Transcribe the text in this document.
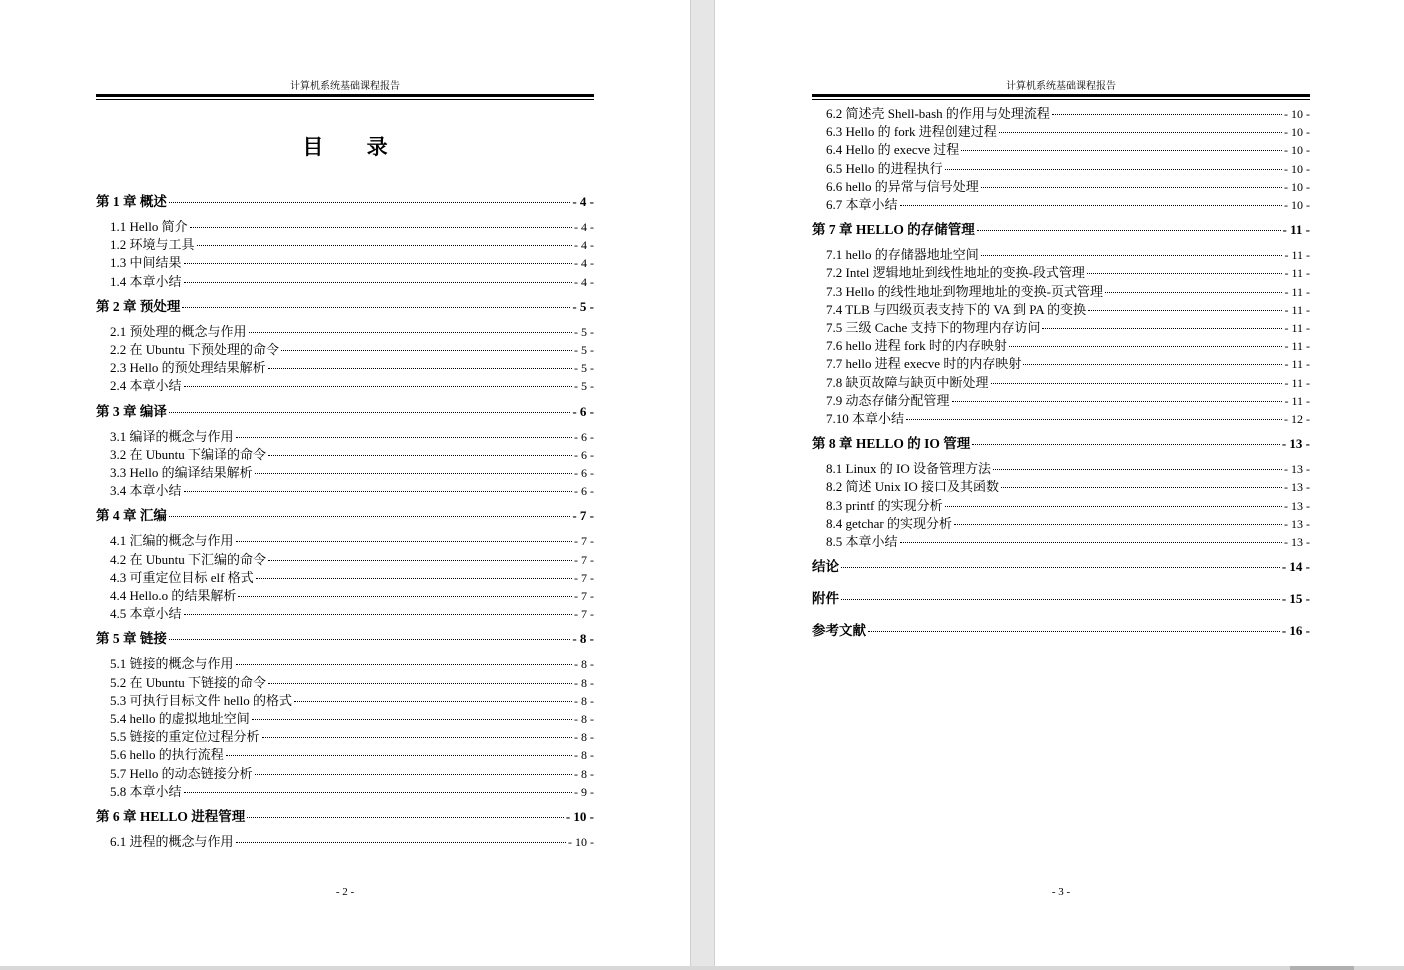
计算机系统基础课程报告
目 录
第 1 章 概述	- 4 -
1.1 Hello 简介	- 4 -
1.2 环境与工具	- 4 -
1.3 中间结果	- 4 -
1.4 本章小结	- 4 -
第 2 章 预处理	- 5 -
2.1 预处理的概念与作用	- 5 -
2.2 在 Ubuntu 下预处理的命令	- 5 -
2.3 Hello 的预处理结果解析	- 5 -
2.4 本章小结	- 5 -
第 3 章 编译	- 6 -
3.1 编译的概念与作用	- 6 -
3.2 在 Ubuntu 下编译的命令	- 6 -
3.3 Hello 的编译结果解析	- 6 -
3.4 本章小结	- 6 -
第 4 章 汇编	- 7 -
4.1 汇编的概念与作用	- 7 -
4.2 在 Ubuntu 下汇编的命令	- 7 -
4.3 可重定位目标 elf 格式	- 7 -
4.4 Hello.o 的结果解析	- 7 -
4.5 本章小结	- 7 -
第 5 章 链接	- 8 -
5.1 链接的概念与作用	- 8 -
5.2 在 Ubuntu 下链接的命令	- 8 -
5.3 可执行目标文件 hello 的格式	- 8 -
5.4 hello 的虚拟地址空间	- 8 -
5.5 链接的重定位过程分析	- 8 -
5.6 hello 的执行流程	- 8 -
5.7 Hello 的动态链接分析	- 8 -
5.8 本章小结	- 9 -
第 6 章 HELLO 进程管理	- 10 -
6.1 进程的概念与作用	- 10 -
- 2 -
计算机系统基础课程报告
6.2 简述壳 Shell-bash 的作用与处理流程	- 10 -
6.3 Hello 的 fork 进程创建过程	- 10 -
6.4 Hello 的 execve 过程	- 10 -
6.5 Hello 的进程执行	- 10 -
6.6 hello 的异常与信号处理	- 10 -
6.7 本章小结	- 10 -
第 7 章 HELLO 的存储管理	- 11 -
7.1 hello 的存储器地址空间	- 11 -
7.2 Intel 逻辑地址到线性地址的变换-段式管理	- 11 -
7.3 Hello 的线性地址到物理地址的变换-页式管理	- 11 -
7.4 TLB 与四级页表支持下的 VA 到 PA 的变换	- 11 -
7.5 三级 Cache 支持下的物理内存访问	- 11 -
7.6 hello 进程 fork 时的内存映射	- 11 -
7.7 hello 进程 execve 时的内存映射	- 11 -
7.8 缺页故障与缺页中断处理	- 11 -
7.9 动态存储分配管理	- 11 -
7.10 本章小结	- 12 -
第 8 章 HELLO 的 IO 管理	- 13 -
8.1 Linux 的 IO 设备管理方法	- 13 -
8.2 简述 Unix IO 接口及其函数	- 13 -
8.3 printf 的实现分析	- 13 -
8.4 getchar 的实现分析	- 13 -
8.5 本章小结	- 13 -
结论	- 14 -
附件	- 15 -
参考文献	- 16 -
- 3 -
